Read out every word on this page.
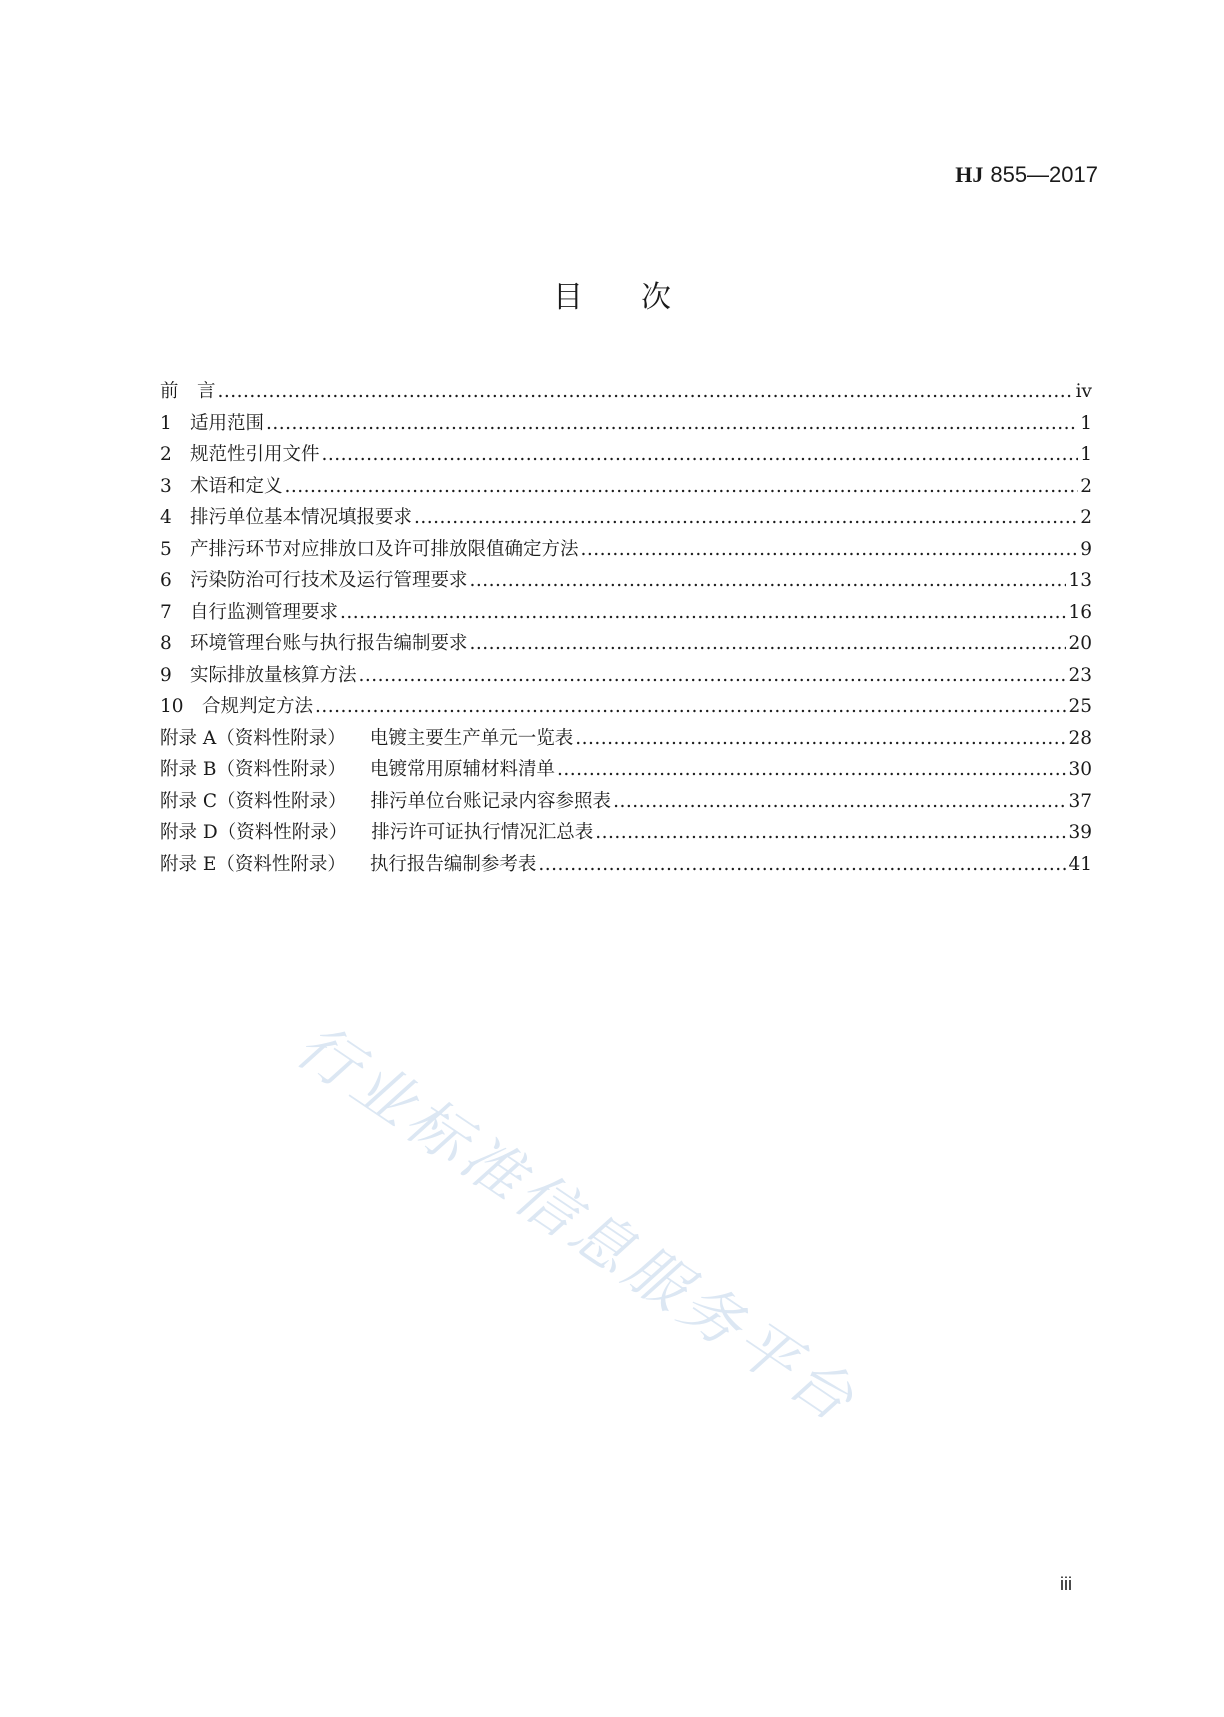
HJ 855—2017
目次
前　言 .....	iv
1 适用范围 .....	1
2 规范性引用文件 .....	1
3 术语和定义 .....	2
4 排污单位基本情况填报要求 .....	2
5 产排污环节对应排放口及许可排放限值确定方法 .....	9
6 污染防治可行技术及运行管理要求 .....	13
7 自行监测管理要求 .....	16
8 环境管理台账与执行报告编制要求 .....	20
9 实际排放量核算方法 .....	23
10 合规判定方法 .....	25
附录 A（资料性附录） 电镀主要生产单元一览表 .....	28
附录 B（资料性附录） 电镀常用原辅材料清单 .....	30
附录 C（资料性附录） 排污单位台账记录内容参照表 .....	37
附录 D（资料性附录） 排污许可证执行情况汇总表 .....	39
附录 E（资料性附录） 执行报告编制参考表 .....	41
行业标准信息服务平台
iii
